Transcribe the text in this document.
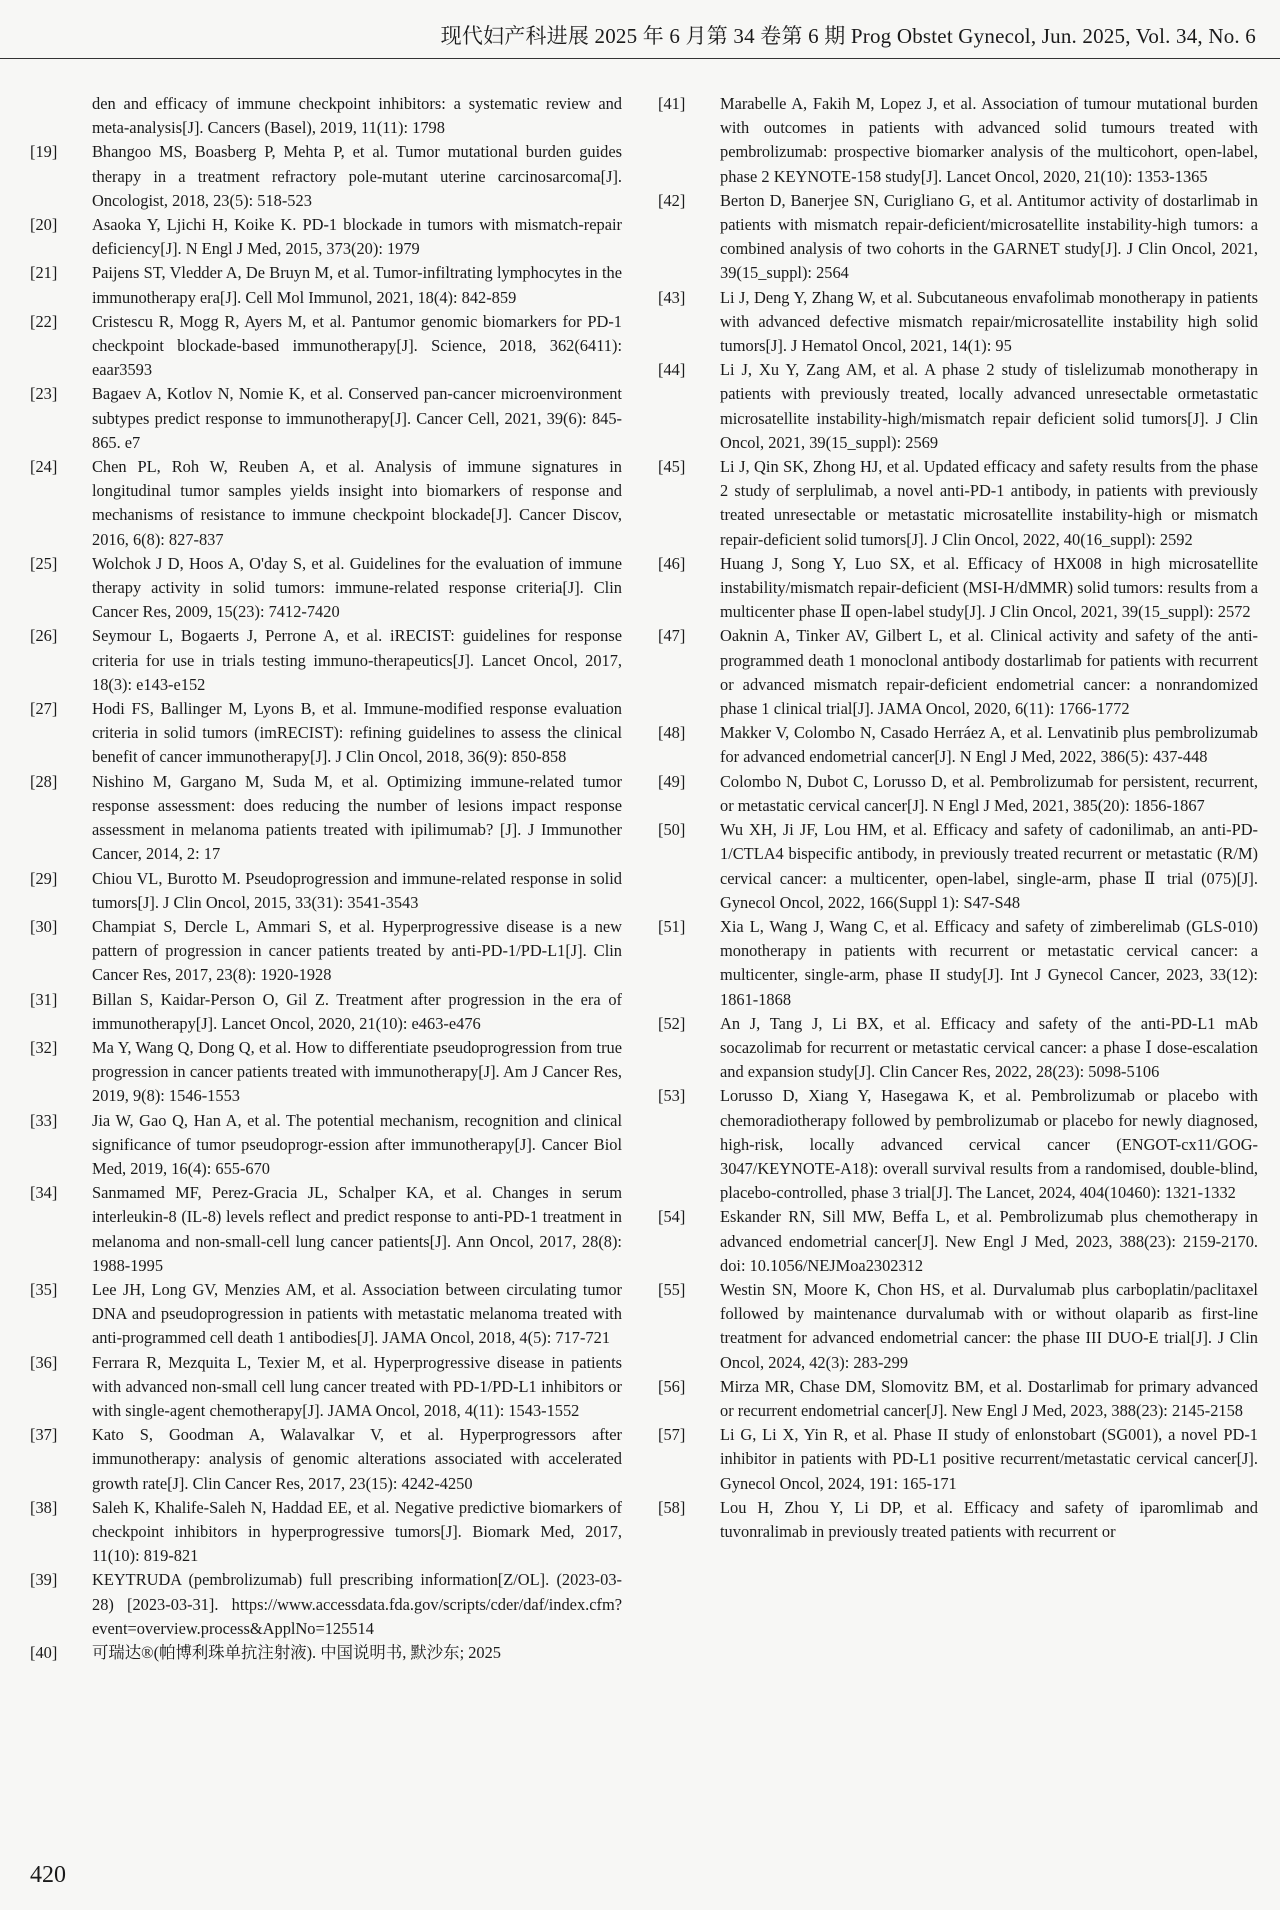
现代妇产科进展 2025 年 6 月第 34 卷第 6 期 Prog Obstet Gynecol, Jun. 2025, Vol. 34, No. 6
den and efficacy of immune checkpoint inhibitors: a systematic review and meta-analysis[J]. Cancers (Basel), 2019, 11(11): 1798
[19]	Bhangoo MS, Boasberg P, Mehta P, et al. Tumor mutational burden guides therapy in a treatment refractory pole-mutant uterine carcinosarcoma[J]. Oncologist, 2018, 23(5): 518-523
[20]	Asaoka Y, Ljichi H, Koike K. PD-1 blockade in tumors with mismatch-repair deficiency[J]. N Engl J Med, 2015, 373(20): 1979
[21]	Paijens ST, Vledder A, De Bruyn M, et al. Tumor-infiltrating lymphocytes in the immunotherapy era[J]. Cell Mol Immunol, 2021, 18(4): 842-859
[22]	Cristescu R, Mogg R, Ayers M, et al. Pantumor genomic biomarkers for PD-1 checkpoint blockade-based immunotherapy[J]. Science, 2018, 362(6411): eaar3593
[23]	Bagaev A, Kotlov N, Nomie K, et al. Conserved pan-cancer microenvironment subtypes predict response to immunotherapy[J]. Cancer Cell, 2021, 39(6): 845-865. e7
[24]	Chen PL, Roh W, Reuben A, et al. Analysis of immune signatures in longitudinal tumor samples yields insight into biomarkers of response and mechanisms of resistance to immune checkpoint blockade[J]. Cancer Discov, 2016, 6(8): 827-837
[25]	Wolchok J D, Hoos A, O'day S, et al. Guidelines for the evaluation of immune therapy activity in solid tumors: immune-related response criteria[J]. Clin Cancer Res, 2009, 15(23): 7412-7420
[26]	Seymour L, Bogaerts J, Perrone A, et al. iRECIST: guidelines for response criteria for use in trials testing immuno-therapeutics[J]. Lancet Oncol, 2017, 18(3): e143-e152
[27]	Hodi FS, Ballinger M, Lyons B, et al. Immune-modified response evaluation criteria in solid tumors (imRECIST): refining guidelines to assess the clinical benefit of cancer immunotherapy[J]. J Clin Oncol, 2018, 36(9): 850-858
[28]	Nishino M, Gargano M, Suda M, et al. Optimizing immune-related tumor response assessment: does reducing the number of lesions impact response assessment in melanoma patients treated with ipilimumab? [J]. J Immunother Cancer, 2014, 2: 17
[29]	Chiou VL, Burotto M. Pseudoprogression and immune-related response in solid tumors[J]. J Clin Oncol, 2015, 33(31): 3541-3543
[30]	Champiat S, Dercle L, Ammari S, et al. Hyperprogressive disease is a new pattern of progression in cancer patients treated by anti-PD-1/PD-L1[J]. Clin Cancer Res, 2017, 23(8): 1920-1928
[31]	Billan S, Kaidar-Person O, Gil Z. Treatment after progression in the era of immunotherapy[J]. Lancet Oncol, 2020, 21(10): e463-e476
[32]	Ma Y, Wang Q, Dong Q, et al. How to differentiate pseudoprogression from true progression in cancer patients treated with immunotherapy[J]. Am J Cancer Res, 2019, 9(8): 1546-1553
[33]	Jia W, Gao Q, Han A, et al. The potential mechanism, recognition and clinical significance of tumor pseudoprogr-ession after immunotherapy[J]. Cancer Biol Med, 2019, 16(4): 655-670
[34]	Sanmamed MF, Perez-Gracia JL, Schalper KA, et al. Changes in serum interleukin-8 (IL-8) levels reflect and predict response to anti-PD-1 treatment in melanoma and non-small-cell lung cancer patients[J]. Ann Oncol, 2017, 28(8): 1988-1995
[35]	Lee JH, Long GV, Menzies AM, et al. Association between circulating tumor DNA and pseudoprogression in patients with metastatic melanoma treated with anti-programmed cell death 1 antibodies[J]. JAMA Oncol, 2018, 4(5): 717-721
[36]	Ferrara R, Mezquita L, Texier M, et al. Hyperprogressive disease in patients with advanced non-small cell lung cancer treated with PD-1/PD-L1 inhibitors or with single-agent chemotherapy[J]. JAMA Oncol, 2018, 4(11): 1543-1552
[37]	Kato S, Goodman A, Walavalkar V, et al. Hyperprogressors after immunotherapy: analysis of genomic alterations associated with accelerated growth rate[J]. Clin Cancer Res, 2017, 23(15): 4242-4250
[38]	Saleh K, Khalife-Saleh N, Haddad EE, et al. Negative predictive biomarkers of checkpoint inhibitors in hyperprogressive tumors[J]. Biomark Med, 2017, 11(10): 819-821
[39]	KEYTRUDA (pembrolizumab) full prescribing information[Z/OL]. (2023-03-28) [2023-03-31]. https://www.accessdata.fda.gov/scripts/cder/daf/index.cfm? event=overview.process&ApplNo=125514
[40]	可瑞达®(帕博利珠单抗注射液). 中国说明书, 默沙东; 2025
[41]	Marabelle A, Fakih M, Lopez J, et al. Association of tumour mutational burden with outcomes in patients with advanced solid tumours treated with pembrolizumab: prospective biomarker analysis of the multicohort, open-label, phase 2 KEYNOTE-158 study[J]. Lancet Oncol, 2020, 21(10): 1353-1365
[42]	Berton D, Banerjee SN, Curigliano G, et al. Antitumor activity of dostarlimab in patients with mismatch repair-deficient/microsatellite instability-high tumors: a combined analysis of two cohorts in the GARNET study[J]. J Clin Oncol, 2021, 39(15_suppl): 2564
[43]	Li J, Deng Y, Zhang W, et al. Subcutaneous envafolimab monotherapy in patients with advanced defective mismatch repair/microsatellite instability high solid tumors[J]. J Hematol Oncol, 2021, 14(1): 95
[44]	Li J, Xu Y, Zang AM, et al. A phase 2 study of tislelizumab monotherapy in patients with previously treated, locally advanced unresectable ormetastatic microsatellite instability-high/mismatch repair deficient solid tumors[J]. J Clin Oncol, 2021, 39(15_suppl): 2569
[45]	Li J, Qin SK, Zhong HJ, et al. Updated efficacy and safety results from the phase 2 study of serplulimab, a novel anti-PD-1 antibody, in patients with previously treated unresectable or metastatic microsatellite instability-high or mismatch repair-deficient solid tumors[J]. J Clin Oncol, 2022, 40(16_suppl): 2592
[46]	Huang J, Song Y, Luo SX, et al. Efficacy of HX008 in high microsatellite instability/mismatch repair-deficient (MSI-H/dMMR) solid tumors: results from a multicenter phase Ⅱ open-label study[J]. J Clin Oncol, 2021, 39(15_suppl): 2572
[47]	Oaknin A, Tinker AV, Gilbert L, et al. Clinical activity and safety of the anti-programmed death 1 monoclonal antibody dostarlimab for patients with recurrent or advanced mismatch repair-deficient endometrial cancer: a nonrandomized phase 1 clinical trial[J]. JAMA Oncol, 2020, 6(11): 1766-1772
[48]	Makker V, Colombo N, Casado Herráez A, et al. Lenvatinib plus pembrolizumab for advanced endometrial cancer[J]. N Engl J Med, 2022, 386(5): 437-448
[49]	Colombo N, Dubot C, Lorusso D, et al. Pembrolizumab for persistent, recurrent, or metastatic cervical cancer[J]. N Engl J Med, 2021, 385(20): 1856-1867
[50]	Wu XH, Ji JF, Lou HM, et al. Efficacy and safety of cadonilimab, an anti-PD-1/CTLA4 bispecific antibody, in previously treated recurrent or metastatic (R/M) cervical cancer: a multicenter, open-label, single-arm, phase Ⅱ trial (075)[J]. Gynecol Oncol, 2022, 166(Suppl 1): S47-S48
[51]	Xia L, Wang J, Wang C, et al. Efficacy and safety of zimberelimab (GLS-010) monotherapy in patients with recurrent or metastatic cervical cancer: a multicenter, single-arm, phase II study[J]. Int J Gynecol Cancer, 2023, 33(12): 1861-1868
[52]	An J, Tang J, Li BX, et al. Efficacy and safety of the anti-PD-L1 mAb socazolimab for recurrent or metastatic cervical cancer: a phase Ⅰ dose-escalation and expansion study[J]. Clin Cancer Res, 2022, 28(23): 5098-5106
[53]	Lorusso D, Xiang Y, Hasegawa K, et al. Pembrolizumab or placebo with chemoradiotherapy followed by pembrolizumab or placebo for newly diagnosed, high-risk, locally advanced cervical cancer (ENGOT-cx11/GOG-3047/KEYNOTE-A18): overall survival results from a randomised, double-blind, placebo-controlled, phase 3 trial[J]. The Lancet, 2024, 404(10460): 1321-1332
[54]	Eskander RN, Sill MW, Beffa L, et al. Pembrolizumab plus chemotherapy in advanced endometrial cancer[J]. New Engl J Med, 2023, 388(23): 2159-2170. doi: 10.1056/NEJMoa2302312
[55]	Westin SN, Moore K, Chon HS, et al. Durvalumab plus carboplatin/paclitaxel followed by maintenance durvalumab with or without olaparib as first-line treatment for advanced endometrial cancer: the phase III DUO-E trial[J]. J Clin Oncol, 2024, 42(3): 283-299
[56]	Mirza MR, Chase DM, Slomovitz BM, et al. Dostarlimab for primary advanced or recurrent endometrial cancer[J]. New Engl J Med, 2023, 388(23): 2145-2158
[57]	Li G, Li X, Yin R, et al. Phase II study of enlonstobart (SG001), a novel PD-1 inhibitor in patients with PD-L1 positive recurrent/metastatic cervical cancer[J]. Gynecol Oncol, 2024, 191: 165-171
[58]	Lou H, Zhou Y, Li DP, et al. Efficacy and safety of iparomlimab and tuvonralimab in previously treated patients with recurrent or
420
